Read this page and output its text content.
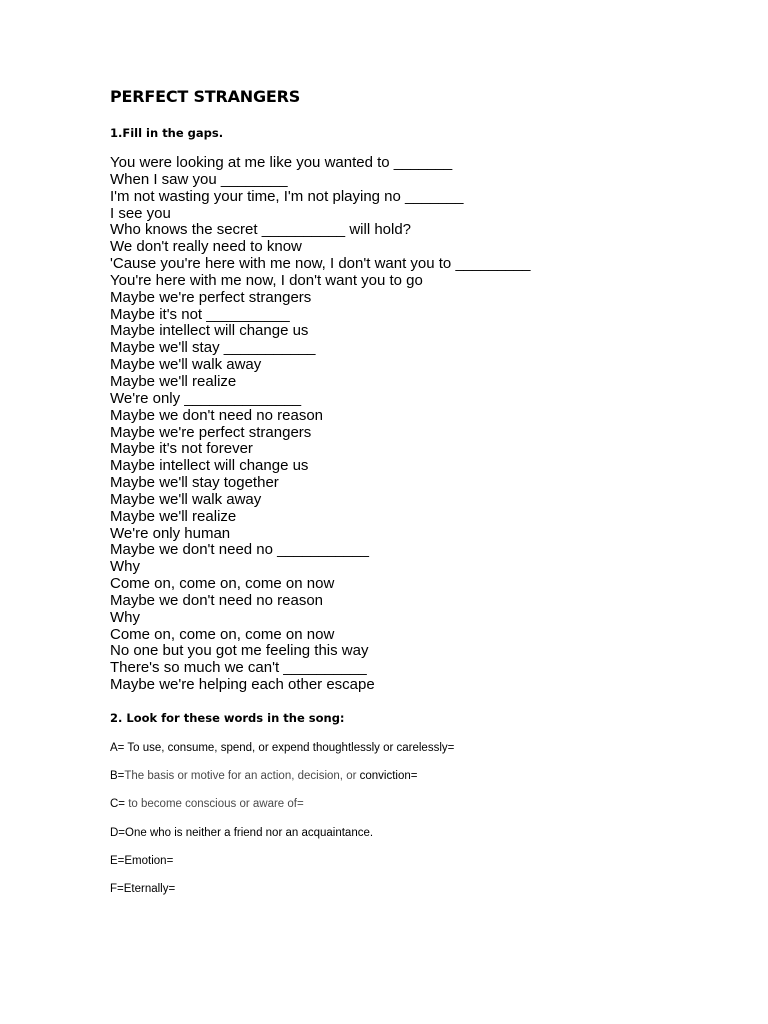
PERFECT STRANGERS
1.Fill in the gaps.
You were looking at me like you wanted to _______
When I saw you ________
I'm not wasting your time, I'm not playing no _______
I see you
Who knows the secret __________ will hold?
We don't really need to know
'Cause you're here with me now, I don't want you to _________
You're here with me now, I don't want you to go
Maybe we're perfect strangers
Maybe it's not __________
Maybe intellect will change us
Maybe we'll stay ___________
Maybe we'll walk away
Maybe we'll realize
We're only ______________
Maybe we don't need no reason
Maybe we're perfect strangers
Maybe it's not forever
Maybe intellect will change us
Maybe we'll stay together
Maybe we'll walk away
Maybe we'll realize
We're only human
Maybe we don't need no ___________
Why
Come on, come on, come on now
Maybe we don't need no reason
Why
Come on, come on, come on now
No one but you got me feeling this way
There's so much we can't __________
Maybe we're helping each other escape
2. Look for these words in the song:
A= To use, consume, spend, or expend thoughtlessly or carelessly=
B=The basis or motive for an action, decision, or conviction=
C= to become conscious or aware of=
D=One who is neither a friend nor an acquaintance.
E=Emotion=
F=Eternally=
